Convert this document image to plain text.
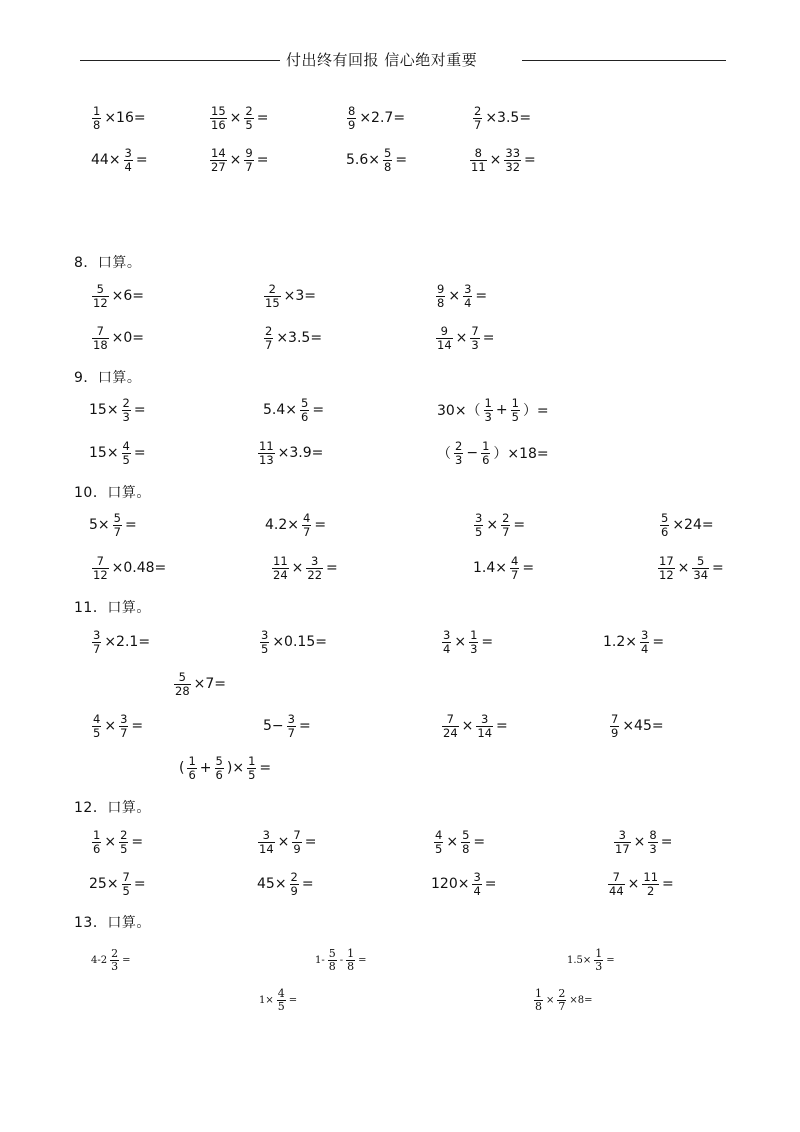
付出终有回报 信心绝对重要
$\frac{1}{8} \times 16=$	$\frac{15}{16} \times \frac{2}{5}$ =	$\frac{8}{9} \times 2.7=$	$\frac{2}{7} \times 3.5=$
$44\times \frac{3}{4}$ =	$\frac{14}{27} \times \frac{9}{7}$ =	$5.6\times \frac{5}{8}$ =	$\frac{8}{11} \times \frac{33}{32}$ =
8．口算。
$\frac{5}{12} \times 6=$	$\frac{2}{15} \times 3=$	$\frac{9}{8} \times \frac{3}{4}$ =
$\frac{7}{18} \times 0=$	$\frac{2}{7} \times 3.5=$	$\frac{9}{14} \times \frac{7}{3}$ =
9．口算。
$15\times \frac{2}{3}$ =	$5.4\times \frac{5}{6}$ =	$30\times( \frac{1}{3} + \frac{1}{5}$ ）=
$15\times \frac{4}{5}$ =	$\frac{11}{13} \times 3.9=$	（ $\frac{2}{3} - \frac{1}{6} )\times 18=$
10．口算。
$5\times \frac{5}{7}$ =	$4.2\times \frac{4}{7}$ =	$\frac{3}{5} \times \frac{2}{7}$ =	$\frac{5}{6} \times 24=$
$\frac{7}{12} \times 0.48=$	$\frac{11}{24} \times \frac{3}{22}$ =	$1.4\times \frac{4}{7}$ =	$\frac{17}{12} \times \frac{5}{34}$ =
11．口算。
$\frac{3}{7} \times 2.1=$	$\frac{3}{5} \times 0.15=$	$\frac{3}{4} \times \frac{1}{3}$ =	$1.2\times \frac{3}{4}$ =
$\frac{5}{28} \times 7=$
$\frac{4}{5} \times \frac{3}{7}$ =	$5- \frac{3}{7}$ =	$\frac{7}{24} \times \frac{3}{14}$ =	$\frac{7}{9} \times 45=$
( $\frac{1}{6} + \frac{5}{6}$ )× $\frac{1}{5}$ =
12．口算。
$\frac{1}{6} \times \frac{2}{5}$ =	$\frac{3}{14} \times \frac{7}{9}$ =	$\frac{4}{5} \times \frac{5}{8}$ =	$\frac{3}{17} \times \frac{8}{3}$ =
$25\times \frac{7}{5}$ =	$45\times \frac{2}{9}$ =	$120\times \frac{3}{4}$ =	$\frac{7}{44} \times \frac{11}{2}$ =
13．口算。
$4-2 \frac{2}{3}$ =	$1- \frac{5}{8} - \frac{1}{8}$ =	$1.5\times \frac{1}{3}$ =
$1\times \frac{4}{5}$ =	$\frac{1}{8} \times \frac{2}{7} \times 8=$
